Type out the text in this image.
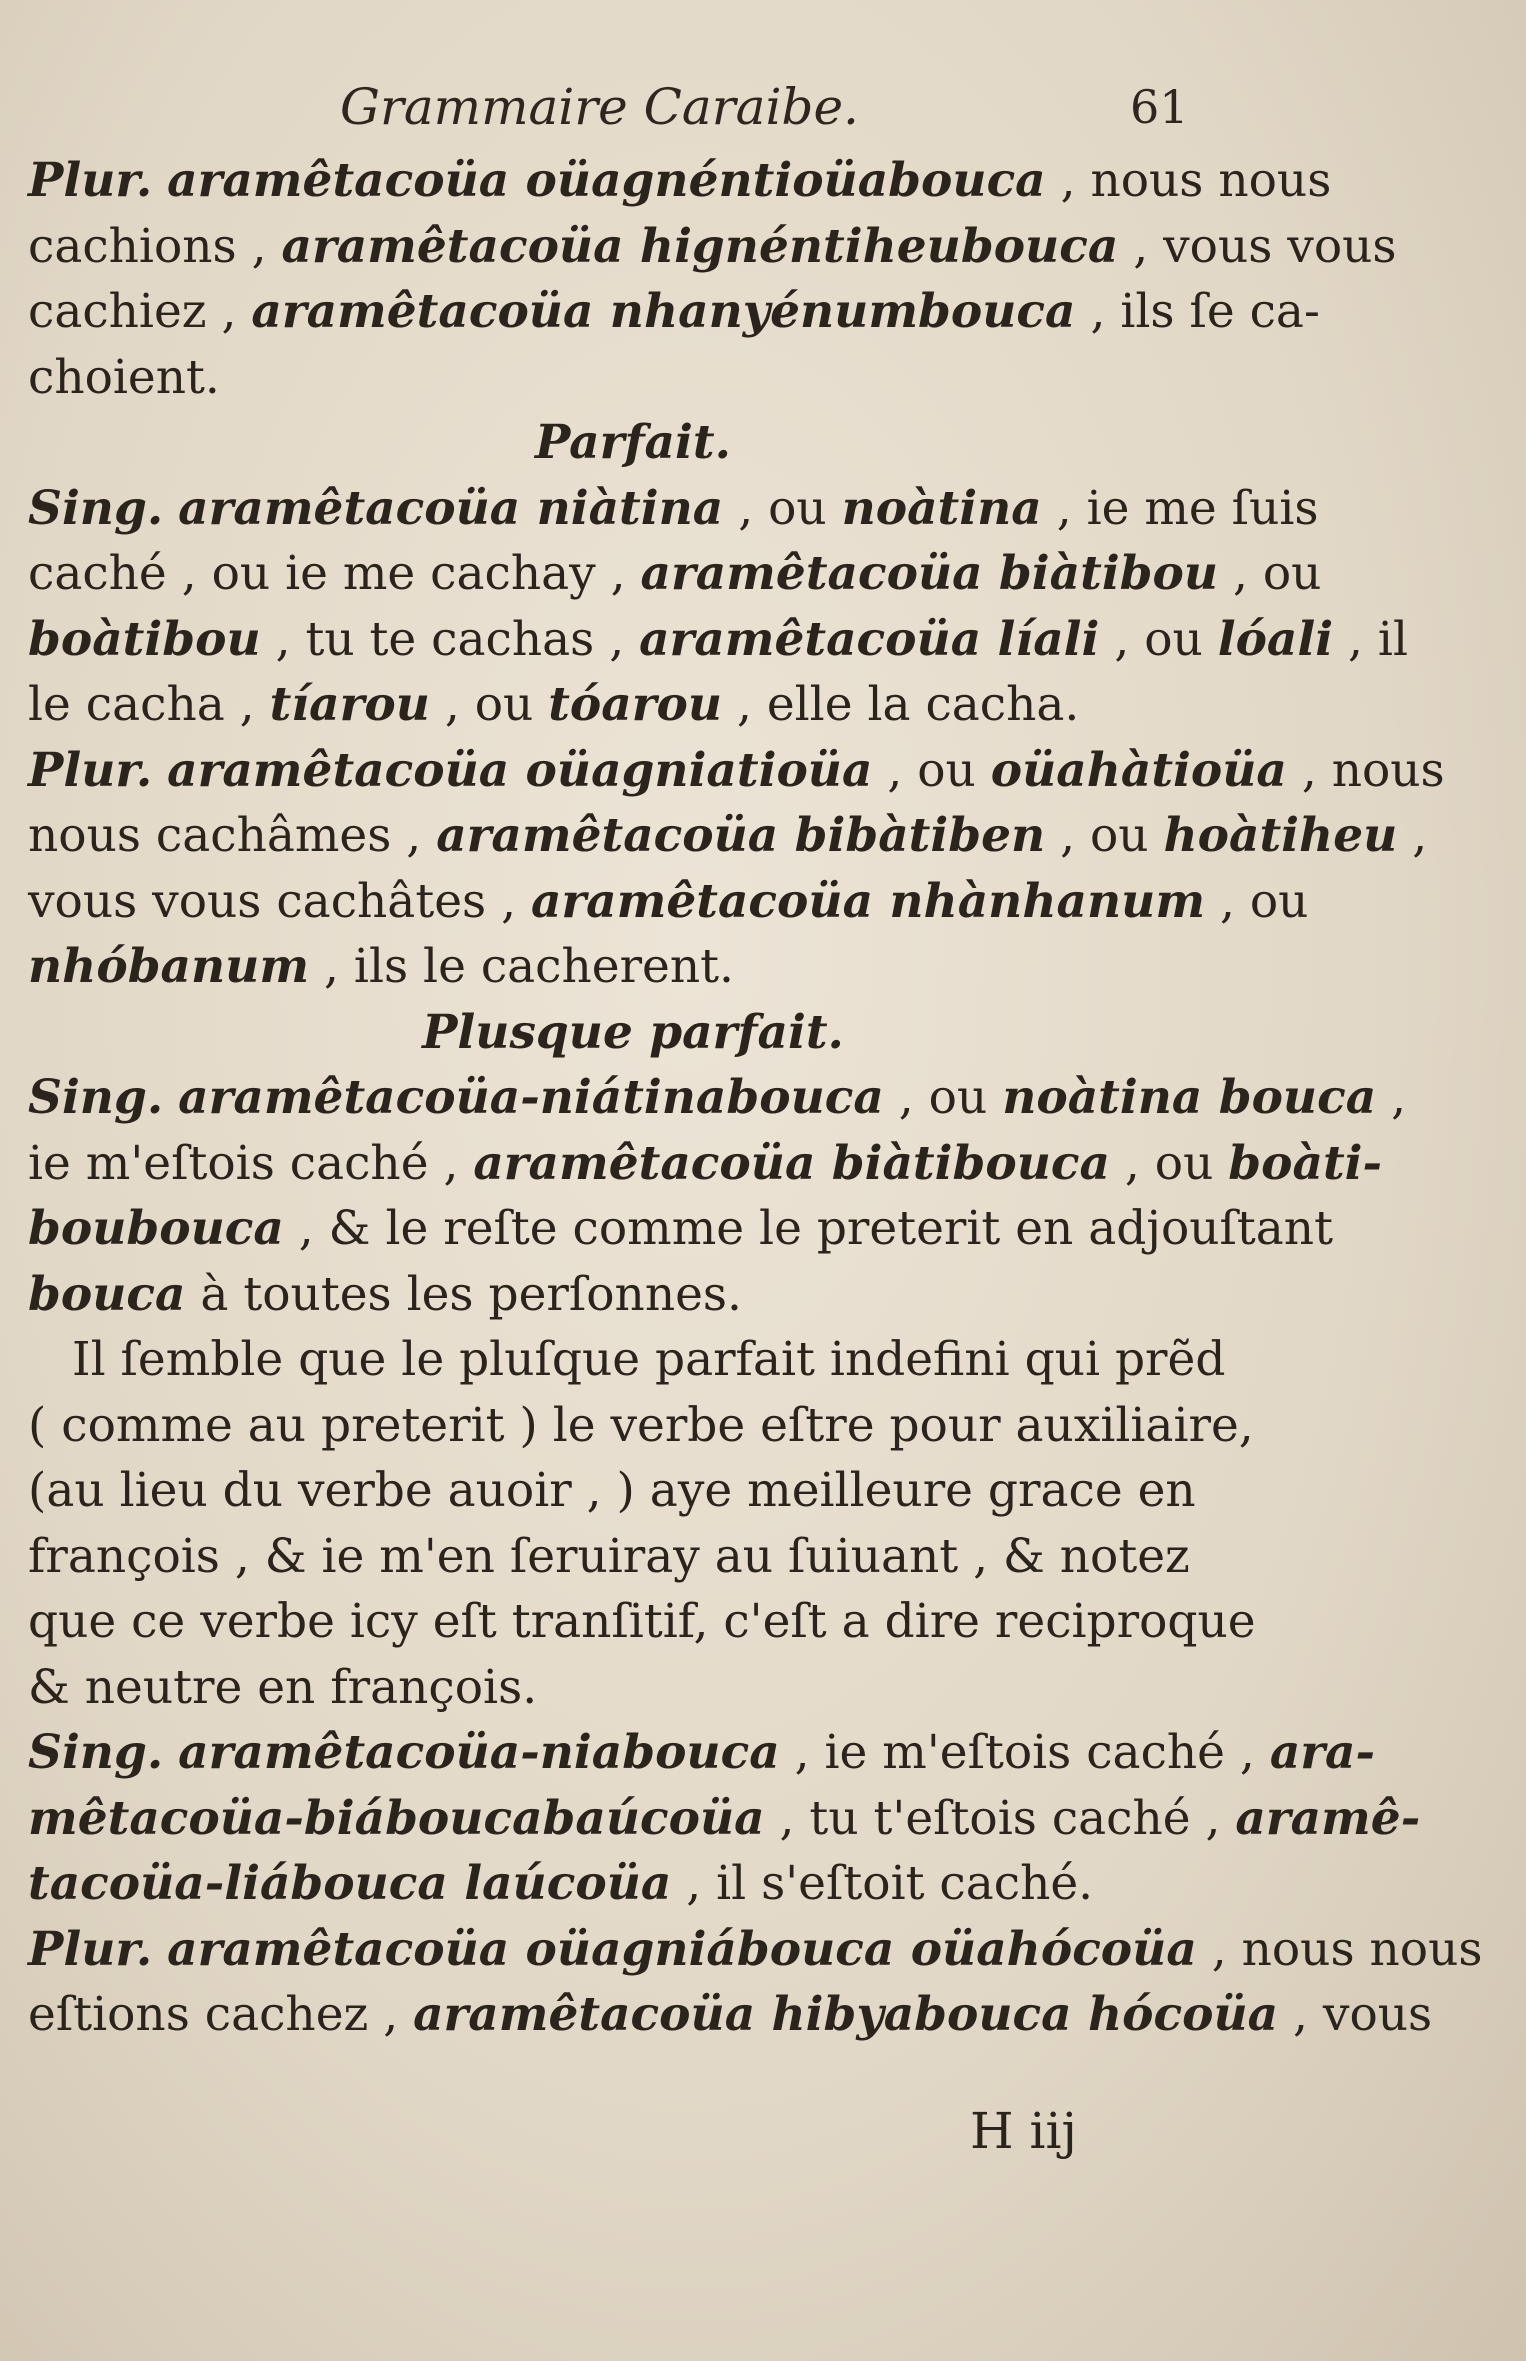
Grammaire Caraibe.	61
Plur. aramêtacoüa oüagnéntioüabouca , nous nous
cachions , aramêtacoüa hignéntiheubouca , vous vous
cachiez , aramêtacoüa nhanyénumbouca , ils ſe ca-
choient.
Parfait.
Sing. aramêtacoüa niàtina , ou noàtina , ie me ſuis
caché , ou ie me cachay , aramêtacoüa biàtibou , ou
boàtibou , tu te cachas , aramêtacoüa líali , ou lóali , il
le cacha , tíarou , ou tóarou , elle la cacha.
Plur. aramêtacoüa oüagniatioüa , ou oüahàtioüa , nous
nous cachâmes , aramêtacoüa bibàtiben , ou hoàtiheu ,
vous vous cachâtes , aramêtacoüa nhànhanum , ou
nhóbanum , ils le cacherent.
Plusque parfait.
Sing. aramêtacoüa-niátinabouca , ou noàtina bouca ,
ie m'eſtois caché , aramêtacoüa biàtibouca , ou boàti-
boubouca , & le reſte comme le preterit en adjouſtant
bouca à toutes les perſonnes.
Il ſemble que le pluſque parfait indefini qui prẽd
( comme au preterit ) le verbe eſtre pour auxiliaire,
(au lieu du verbe auoir , ) aye meilleure grace en
françois , & ie m'en ſeruiray au ſuiuant , & notez
que ce verbe icy eſt tranſitif, c'eſt a dire reciproque
& neutre en françois.
Sing. aramêtacoüa-niabouca , ie m'eſtois caché , ara-
mêtacoüa-biáboucabaúcoüa , tu t'eſtois caché , aramê-
tacoüa-liábouca laúcoüa , il s'eſtoit caché.
Plur. aramêtacoüa oüagniábouca oüahócoüa , nous nous
eſtions cachez , aramêtacoüa hibyabouca hócoüa , vous
H iij
